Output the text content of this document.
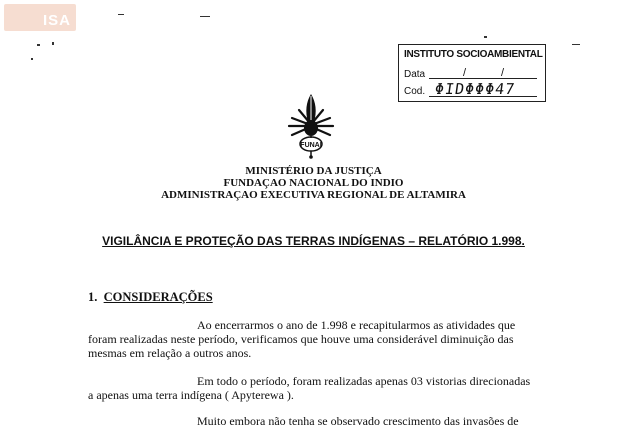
ISA
INSTITUTO SOCIOAMBIENTAL
Data	/	/
Cod. ΦIDΦΦΦ47
FUNAI
MINISTÉRIO DA JUSTIÇA
FUNDAÇAO NACIONAL DO INDIO
ADMINISTRAÇAO EXECUTIVA REGIONAL DE ALTAMIRA
VIGILÂNCIA E PROTEÇÃO DAS TERRAS INDÍGENAS – RELATÓRIO 1.998.
1. CONSIDERAÇÕES
Ao encerrarmos o ano de 1.998 e recapitularmos as atividades que
foram realizadas neste período, verificamos que houve uma considerável diminuição das
mesmas em relação a outros anos.
Em todo o período, foram realizadas apenas 03 vistorias direcionadas
a apenas uma terra indígena ( Apyterewa ).
Muito embora não tenha se observado crescimento das invasões de
